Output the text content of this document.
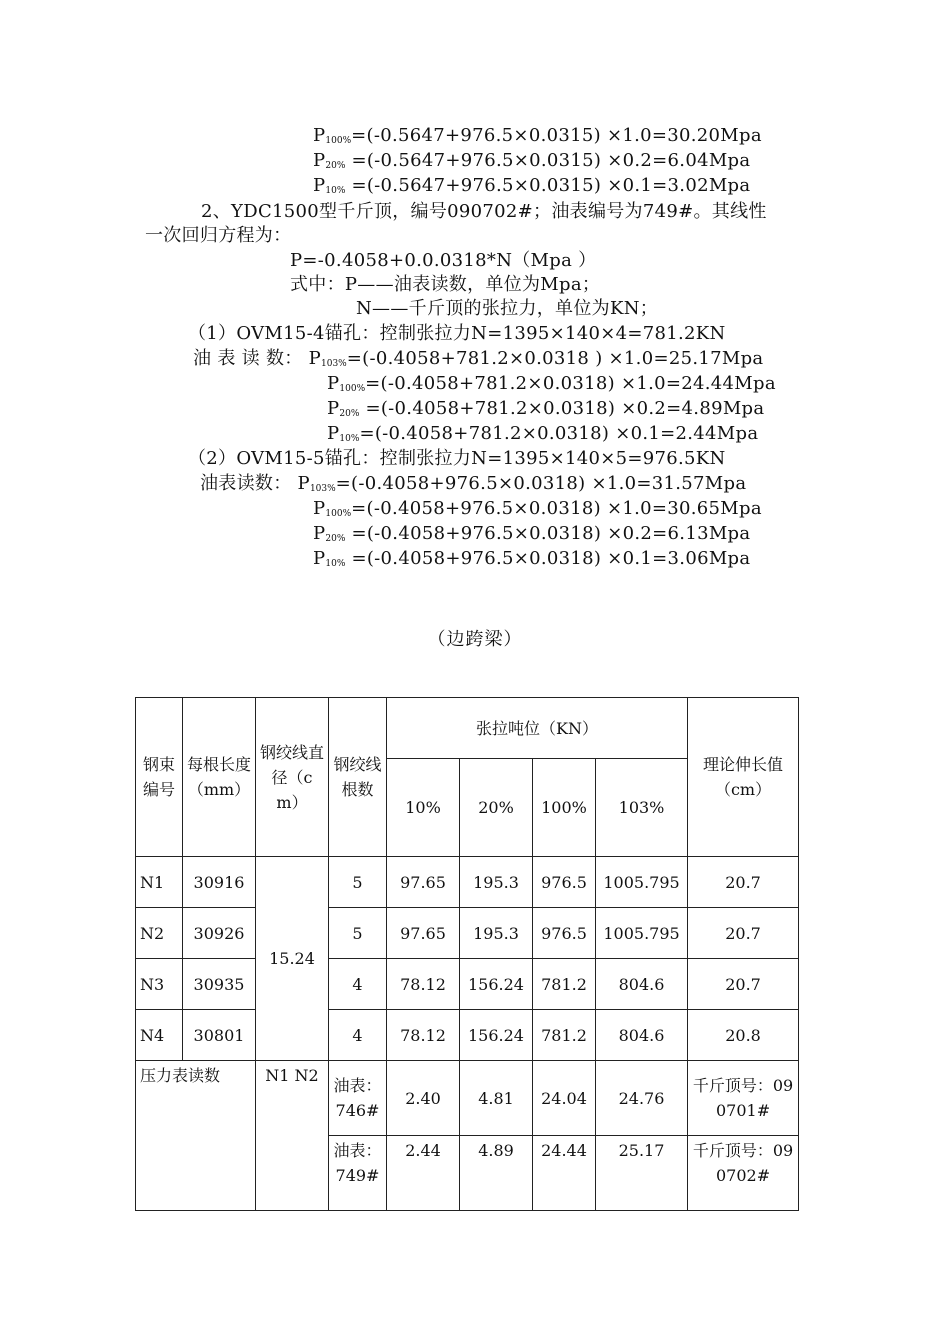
$P_{100\%}=(-0.5647+976.5\times 0.0315) \times 1.0=30.20Mpa$
$P_{20\%} =(-0.5647+976.5\times 0.0315) \times 0.2=6.04Mpa$
$P_{10\%} =(-0.5647+976.5\times 0.0315) \times 0.1=3.02Mpa$
2、YDC1500型千斤顶，编号090702#；油表编号为749#。其线性
一次回归方程为：
P=-0.4058+0.0.0318*N（Mpa ）
式中：P——油表读数，单位为Mpa；
N——千斤顶的张拉力，单位为KN；
（1）OVM15-4锚孔：控制张拉力N=1395×140×4=781.2KN
油 表 读 数： $P_{103\%}=(-0.4058+781.2\times 0.0318$ ) ×1.0=25.17Mpa
$P_{100\%}=(-0.4058+781.2\times 0.0318) \times 1.0=24.44Mpa$
$P_{20\%} =(-0.4058+781.2\times 0.0318) \times 0.2=4.89Mpa$
$P_{10\%}=(-0.4058+781.2\times 0.0318) \times 0.1=2.44Mpa$
（2）OVM15-5锚孔：控制张拉力N=1395×140×5=976.5KN
油表读数： $P_{103\%}=(-0.4058+976.5\times 0.0318) \times 1.0=31.57Mpa$
$P_{100\%}=(-0.4058+976.5\times 0.0318) \times 1.0=30.65Mpa$
$P_{20\%} =(-0.4058+976.5\times 0.0318) \times 0.2=6.13Mpa$
$P_{10\%} =(-0.4058+976.5\times 0.0318) \times 0.1=3.06Mpa$
（边跨梁）
钢束编号	每根长度（mm）	钢绞线直径（cm）	钢绞线根数	张拉吨位（KN）				理论伸长值（cm）
				10%	20%	100%	103%	
N1	30916	15.24	5	97.65	195.3	976.5	1005.795	20.7
N2	30926		5	97.65	195.3	976.5	1005.795	20.7
N3	30935		4	78.12	156.24	781.2	804.6	20.7
N4	30801		4	78.12	156.24	781.2	804.6	20.8
压力表读数		N1 N2	油表：746#	2.40	4.81	24.04	24.76	千斤顶号：090701#
			油表：749#	2.44	4.89	24.44	25.17	千斤顶号：090702#
